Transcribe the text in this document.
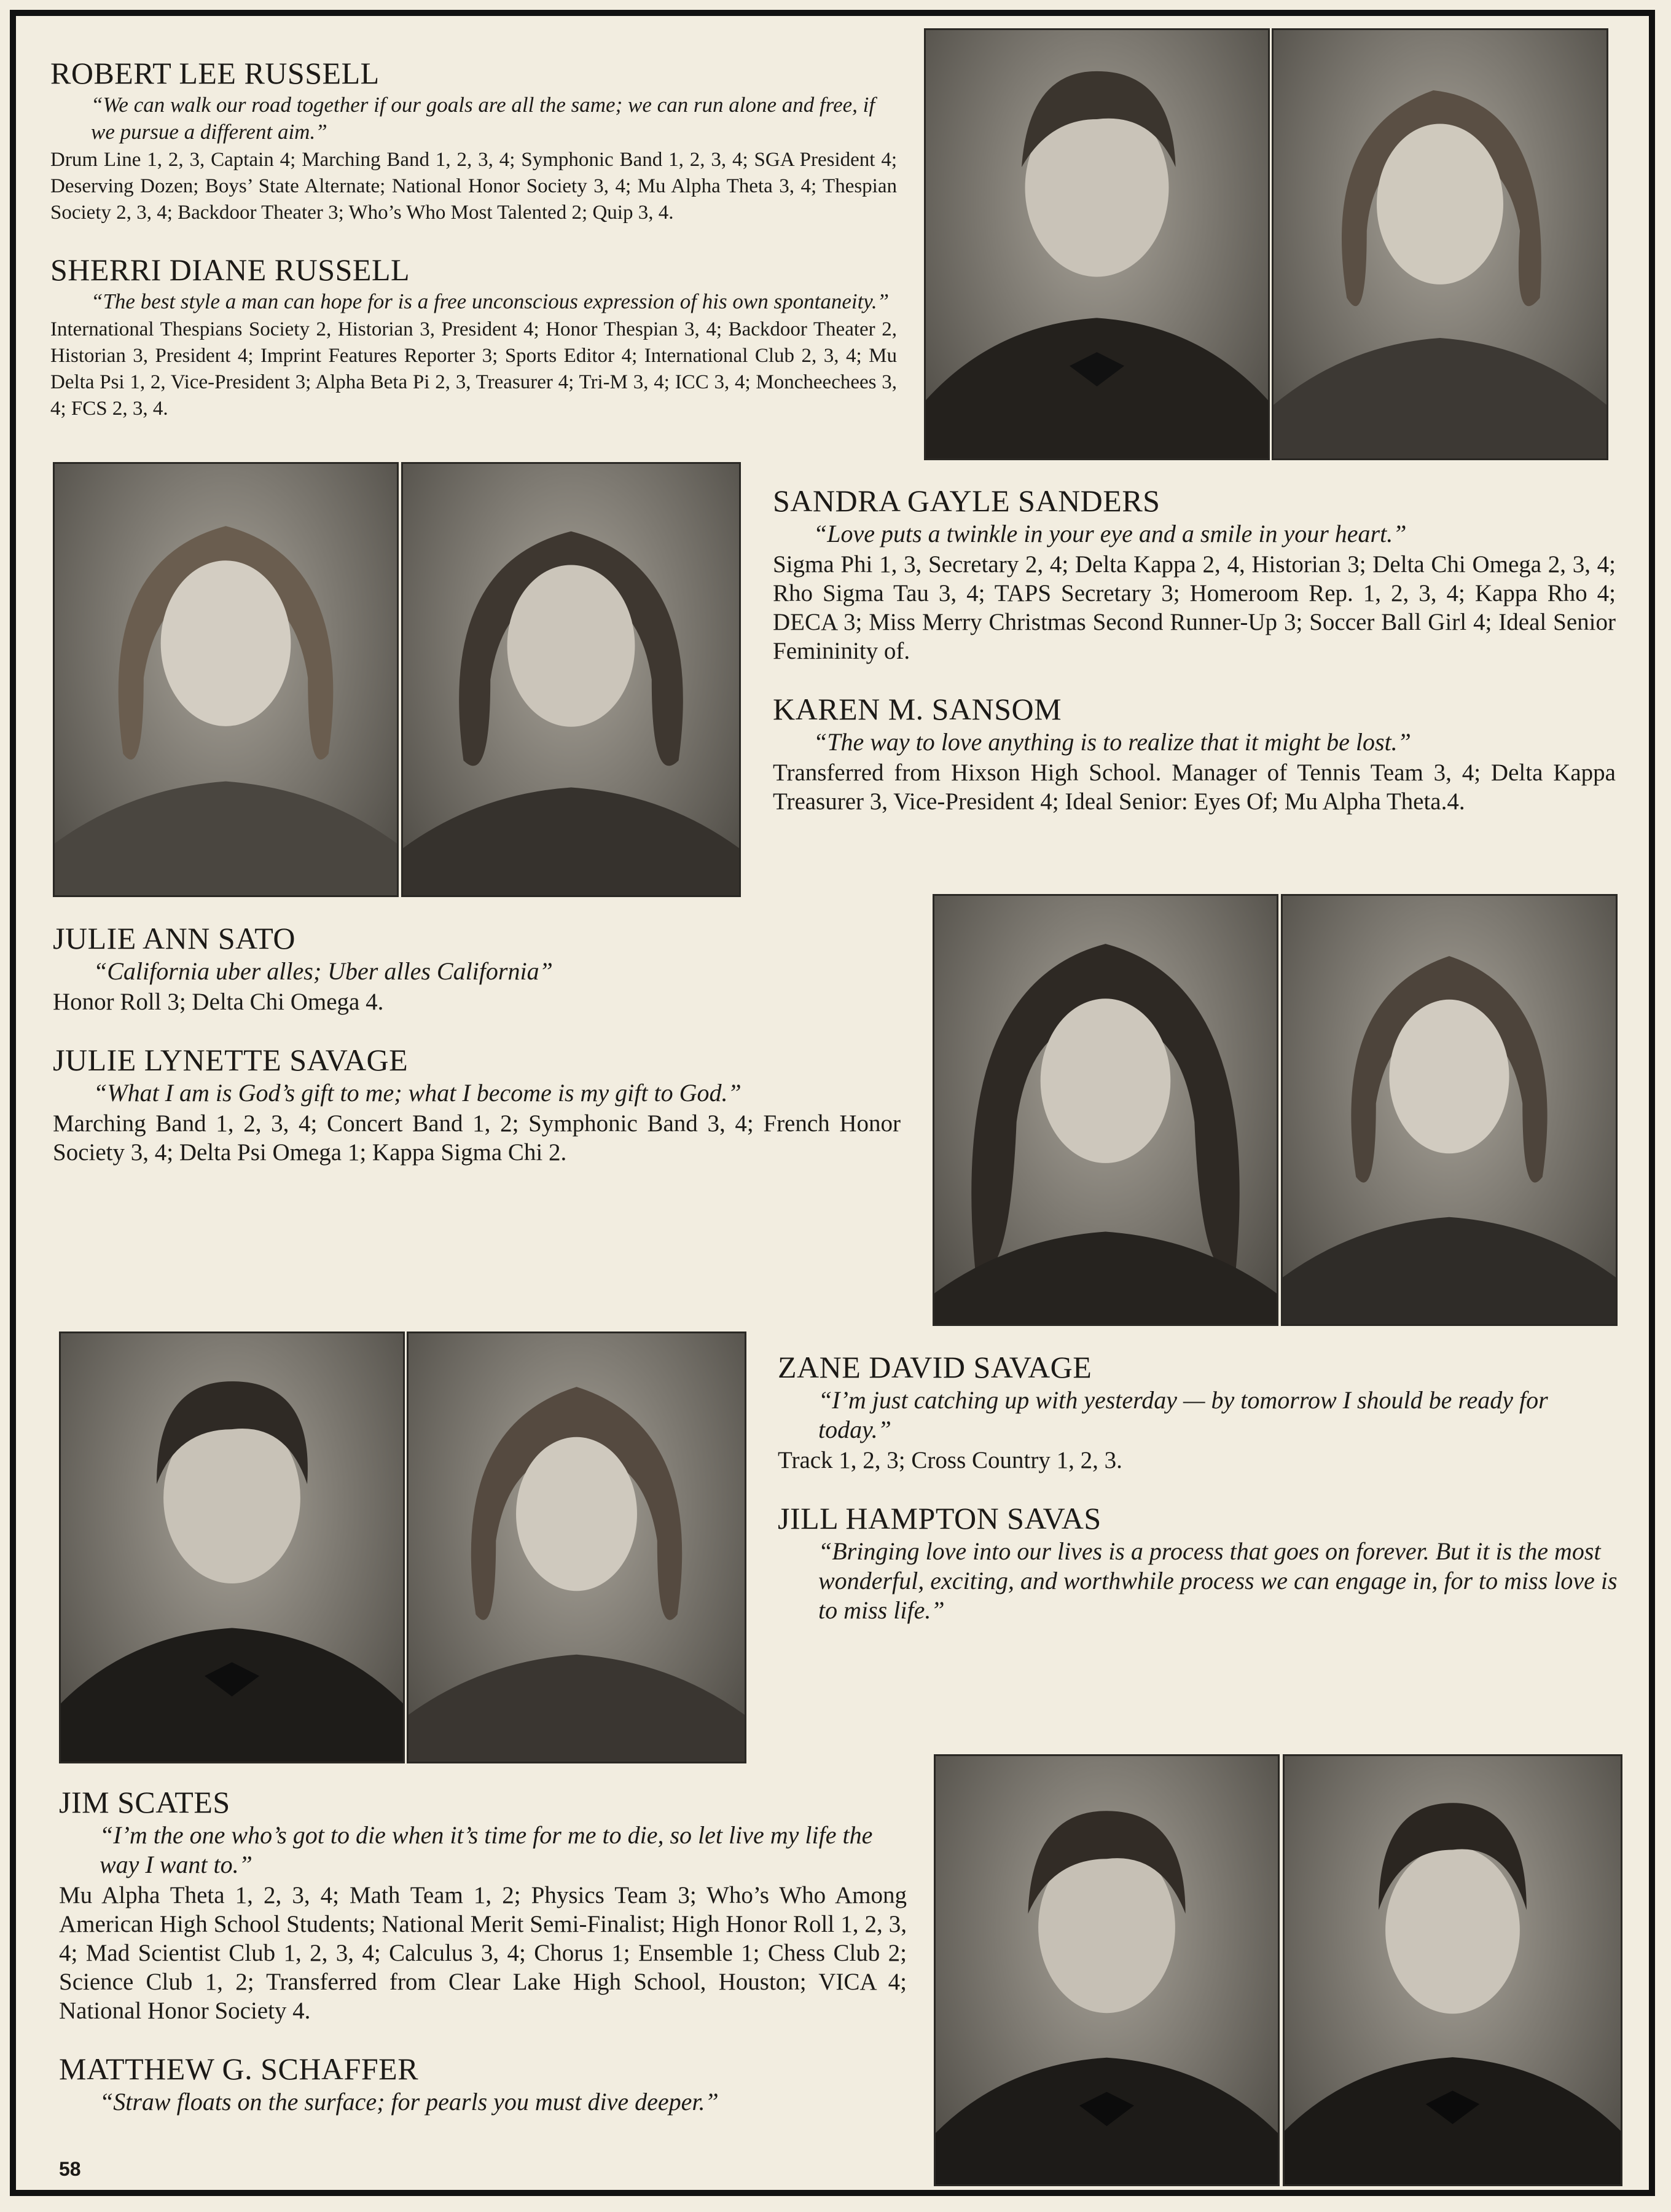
ROBERT LEE RUSSELL

“We can walk our road together if our goals are all the same; we can run alone and free, if we pursue a different aim.”

Drum Line 1, 2, 3, Captain 4; Marching Band 1, 2, 3, 4; Symphonic Band 1, 2, 3, 4; SGA President 4; Deserving Dozen; Boys’ State Alternate; National Honor Society 3, 4; Mu Alpha Theta 3, 4; Thespian Society 2, 3, 4; Backdoor Theater 3; Who’s Who Most Talented 2; Quip 3, 4.

SHERRI DIANE RUSSELL

“The best style a man can hope for is a free unconscious expression of his own spontaneity.”

International Thespians Society 2, Historian 3, President 4; Honor Thespian 3, 4; Backdoor Theater 2, Historian 3, President 4; Imprint Features Reporter 3; Sports Editor 4; International Club 2, 3, 4; Mu Delta Psi 1, 2, Vice-President 3; Alpha Beta Pi 2, 3, Treasurer 4; Tri-M 3, 4; ICC 3, 4; Moncheechees 3, 4; FCS 2, 3, 4.

SANDRA GAYLE SANDERS

“Love puts a twinkle in your eye and a smile in your heart.”

Sigma Phi 1, 3, Secretary 2, 4; Delta Kappa 2, 4, Historian 3; Delta Chi Omega 2, 3, 4; Rho Sigma Tau 3, 4; TAPS Secretary 3; Homeroom Rep. 1, 2, 3, 4; Kappa Rho 4; DECA 3; Miss Merry Christmas Second Runner-Up 3; Soccer Ball Girl 4; Ideal Senior Femininity of.

KAREN M. SANSOM

“The way to love anything is to realize that it might be lost.”

Transferred from Hixson High School. Manager of Tennis Team 3, 4; Delta Kappa Treasurer 3, Vice-President 4; Ideal Senior: Eyes Of; Mu Alpha Theta.4.

JULIE ANN SATO

“California uber alles; Uber alles California”

Honor Roll 3; Delta Chi Omega 4.

JULIE LYNETTE SAVAGE

“What I am is God’s gift to me; what I become is my gift to God.”

Marching Band 1, 2, 3, 4; Concert Band 1, 2; Symphonic Band 3, 4; French Honor Society 3, 4; Delta Psi Omega 1; Kappa Sigma Chi 2.

ZANE DAVID SAVAGE

“I’m just catching up with yesterday — by tomorrow I should be ready for today.”

Track 1, 2, 3; Cross Country 1, 2, 3.

JILL HAMPTON SAVAS

“Bringing love into our lives is a process that goes on forever. But it is the most wonderful, exciting, and worthwhile process we can engage in, for to miss love is to miss life.”

JIM SCATES

“I’m the one who’s got to die when it’s time for me to die, so let live my life the way I want to.”

Mu Alpha Theta 1, 2, 3, 4; Math Team 1, 2; Physics Team 3; Who’s Who Among American High School Students; National Merit Semi-Finalist; High Honor Roll 1, 2, 3, 4; Mad Scientist Club 1, 2, 3, 4; Calculus 3, 4; Chorus 1; Ensemble 1; Chess Club 2; Science Club 1, 2; Transferred from Clear Lake High School, Houston; VICA 4; National Honor Society 4.

MATTHEW G. SCHAFFER

“Straw floats on the surface; for pearls you must dive deeper.”

58
